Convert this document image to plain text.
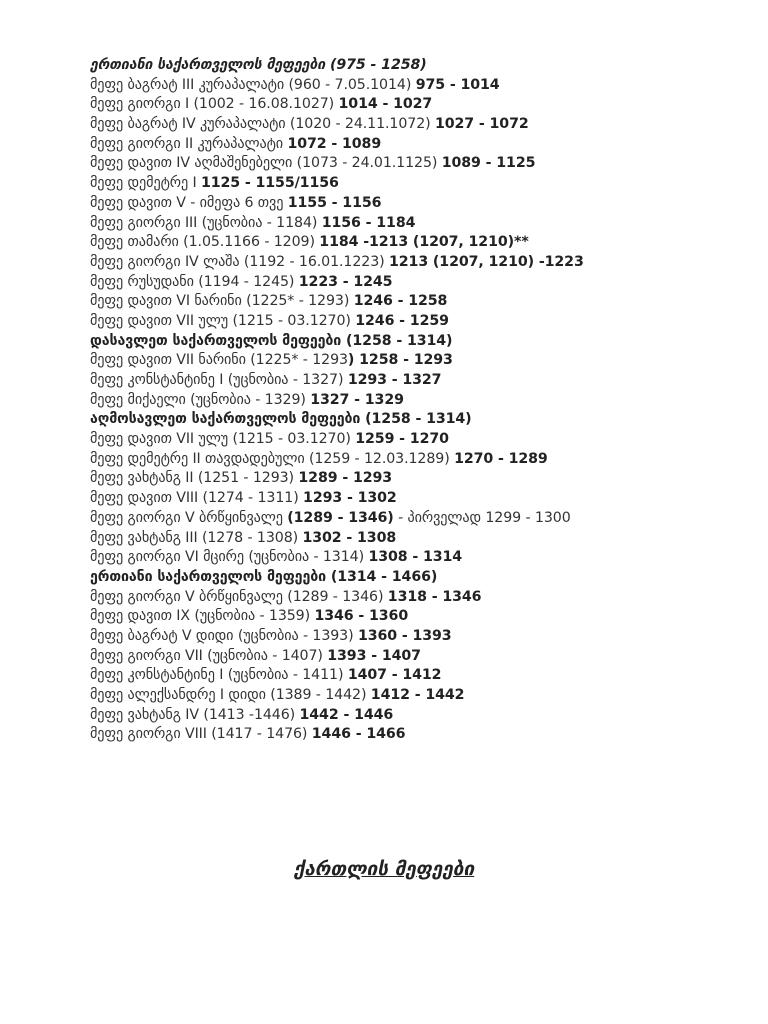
ერთიანი საქართველოს მეფეები (975 - 1258)
მეფე ბაგრატ III კურაპალატი (960 - 7.05.1014) 975 - 1014
მეფე გიორგი I (1002 - 16.08.1027) 1014 - 1027
მეფე ბაგრატ IV კურაპალატი (1020 - 24.11.1072) 1027 - 1072
მეფე გიორგი II კურაპალატი 1072 - 1089
მეფე დავით IV აღმაშენებელი (1073 - 24.01.1125) 1089 - 1125
მეფე დემეტრე I 1125 - 1155/1156
მეფე დავით V - იმეფა 6 თვე 1155 - 1156
მეფე გიორგი III (უცნობია - 1184) 1156 - 1184
მეფე თამარი (1.05.1166 - 1209) 1184 -1213 (1207, 1210)**
მეფე გიორგი IV ლაშა (1192 - 16.01.1223) 1213 (1207, 1210) -1223
მეფე რუსუდანი (1194 - 1245) 1223 - 1245
მეფე დავით VI ნარინი (1225* - 1293) 1246 - 1258
მეფე დავით VII ულუ (1215 - 03.1270) 1246 - 1259
დასავლეთ საქართველოს მეფეები (1258 - 1314)
მეფე დავით VII ნარინი (1225* - 1293) 1258 - 1293
მეფე კონსტანტინე I (უცნობია - 1327) 1293 - 1327
მეფე მიქაელი (უცნობია - 1329) 1327 - 1329
აღმოსავლეთ საქართველოს მეფეები (1258 - 1314)
მეფე დავით VII ულუ (1215 - 03.1270) 1259 - 1270
მეფე დემეტრე II თავდადებული (1259 - 12.03.1289) 1270 - 1289
მეფე ვახტანგ II (1251 - 1293) 1289 - 1293
მეფე დავით VIII (1274 - 1311) 1293 - 1302
მეფე გიორგი V ბრწყინვალე (1289 - 1346) - პირველად 1299 - 1300
მეფე ვახტანგ III (1278 - 1308) 1302 - 1308
მეფე გიორგი VI მცირე (უცნობია - 1314) 1308 - 1314
ერთიანი საქართველოს მეფეები (1314 - 1466)
მეფე გიორგი V ბრწყინვალე (1289 - 1346) 1318 - 1346
მეფე დავით IX (უცნობია - 1359) 1346 - 1360
მეფე ბაგრატ V დიდი (უცნობია - 1393) 1360 - 1393
მეფე გიორგი VII (უცნობია - 1407) 1393 - 1407
მეფე კონსტანტინე I (უცნობია - 1411) 1407 - 1412
მეფე ალექსანდრე I დიდი (1389 - 1442) 1412 - 1442
მეფე ვახტანგ IV (1413 -1446) 1442 - 1446
მეფე გიორგი VIII (1417 - 1476) 1446 - 1466
ქართლის მეფეები
